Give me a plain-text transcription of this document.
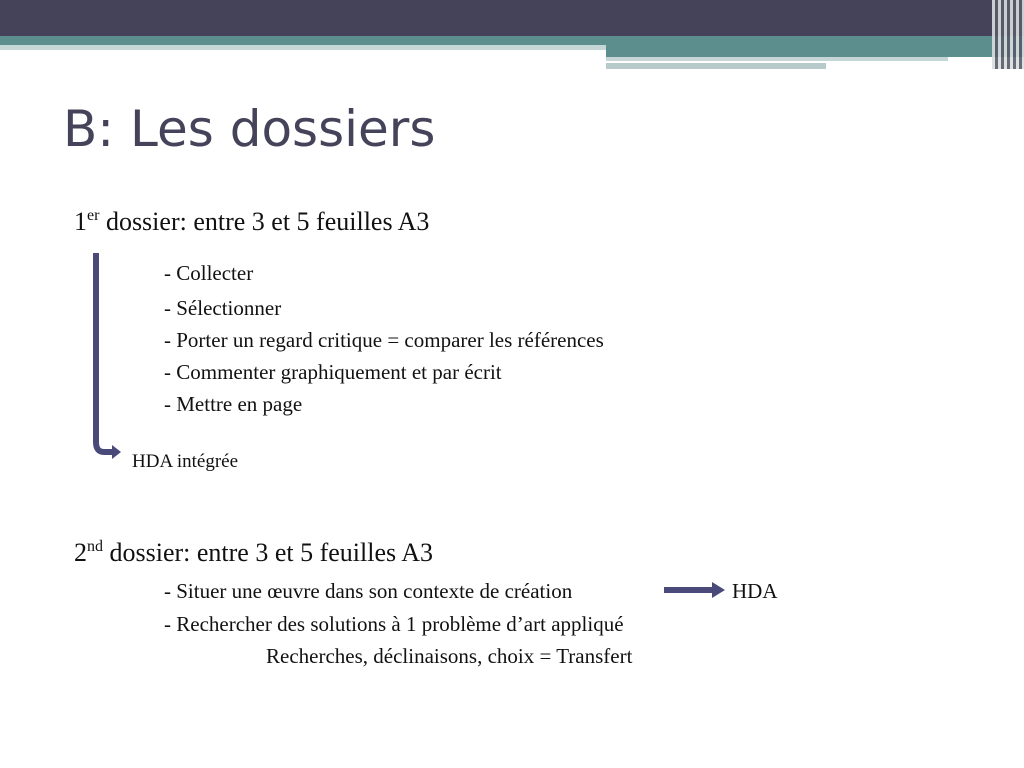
B: Les dossiers
1er dossier: entre 3 et 5 feuilles A3
- Collecter
- Sélectionner
- Porter un regard critique = comparer les références
- Commenter graphiquement et par écrit
- Mettre en page
HDA intégrée
2nd dossier: entre 3 et 5 feuilles A3
- Situer une œuvre dans son contexte de création	HDA
- Rechercher des solutions à 1 problème d’art appliqué
Recherches, déclinaisons, choix = Transfert
